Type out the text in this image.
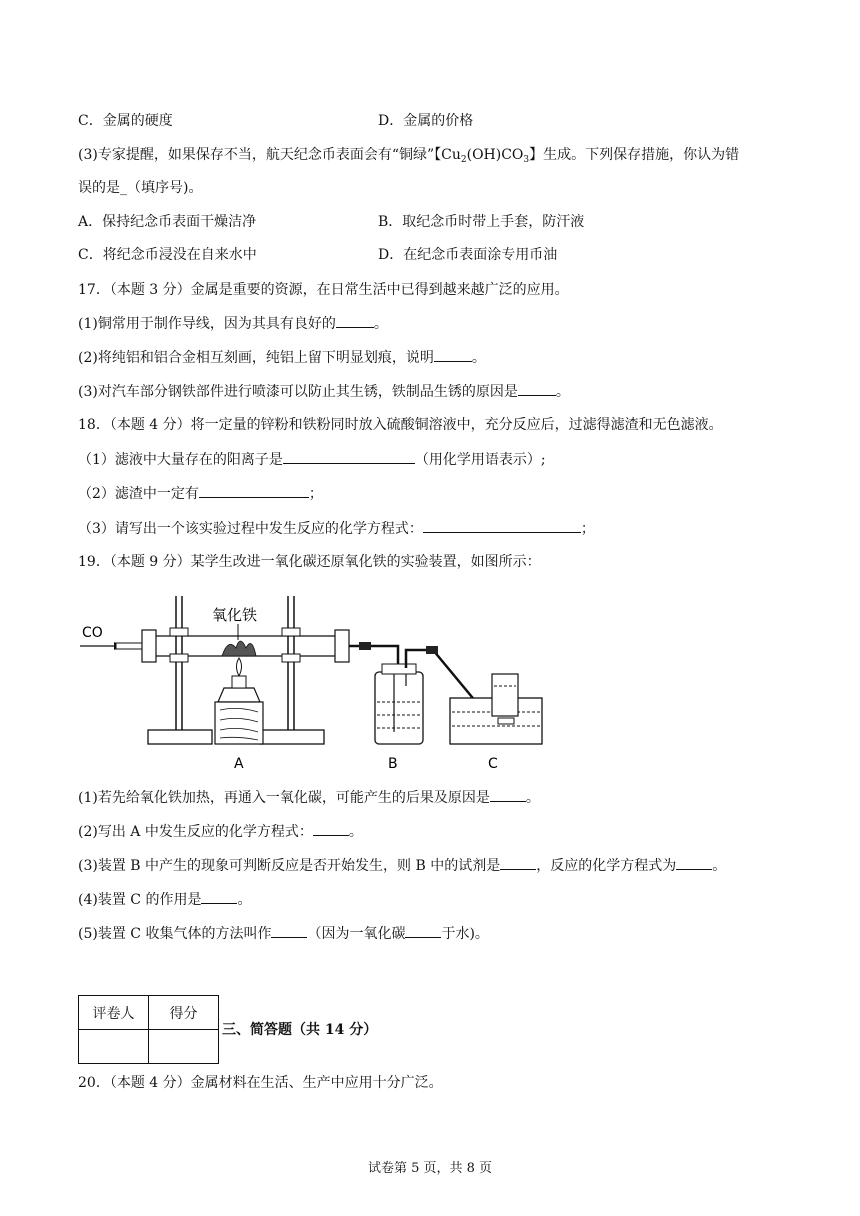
C．金属的硬度	D．金属的价格
(3)专家提醒，如果保存不当，航天纪念币表面会有“铜绿”【$Cu_2(OH)CO_3$】生成。下列保存措施，你认为错
误的是_（填序号)。
A．保持纪念币表面干燥洁净	B．取纪念币时带上手套，防汗液
C．将纪念币浸没在自来水中	D．在纪念币表面涂专用币油
17．（本题 3 分）金属是重要的资源，在日常生活中已得到越来越广泛的应用。
(1)铜常用于制作导线，因为其具有良好的	。
(2)将纯铝和铝合金相互刻画，纯铝上留下明显划痕，说明	。
(3)对汽车部分钢铁部件进行喷漆可以防止其生锈，铁制品生锈的原因是	。
18．（本题 4 分）将一定量的锌粉和铁粉同时放入硫酸铜溶液中，充分反应后，过滤得滤渣和无色滤液。
（1）滤液中大量存在的阳离子是	（用化学用语表示）;
（2）滤渣中一定有	；
（3）请写出一个该实验过程中发生反应的化学方程式：	；
19．（本题 9 分）某学生改进一氧化碳还原氧化铁的实验装置，如图所示：
CO
氧化铁
A	B	C
(1)若先给氧化铁加热，再通入一氧化碳，可能产生的后果及原因是	。
(2)写出 A 中发生反应的化学方程式：	。
(3)装置 B 中产生的现象可判断反应是否开始发生，则 B 中的试剂是	，反应的化学方程式为	。
(4)装置 C 的作用是	。
(5)装置 C 收集气体的方法叫作	（因为一氧化碳	于水)。
评卷人	得分

三、简答题（共 14 分）
20．（本题 4 分）金属材料在生活、生产中应用十分广泛。
试卷第 5 页，共 8 页
